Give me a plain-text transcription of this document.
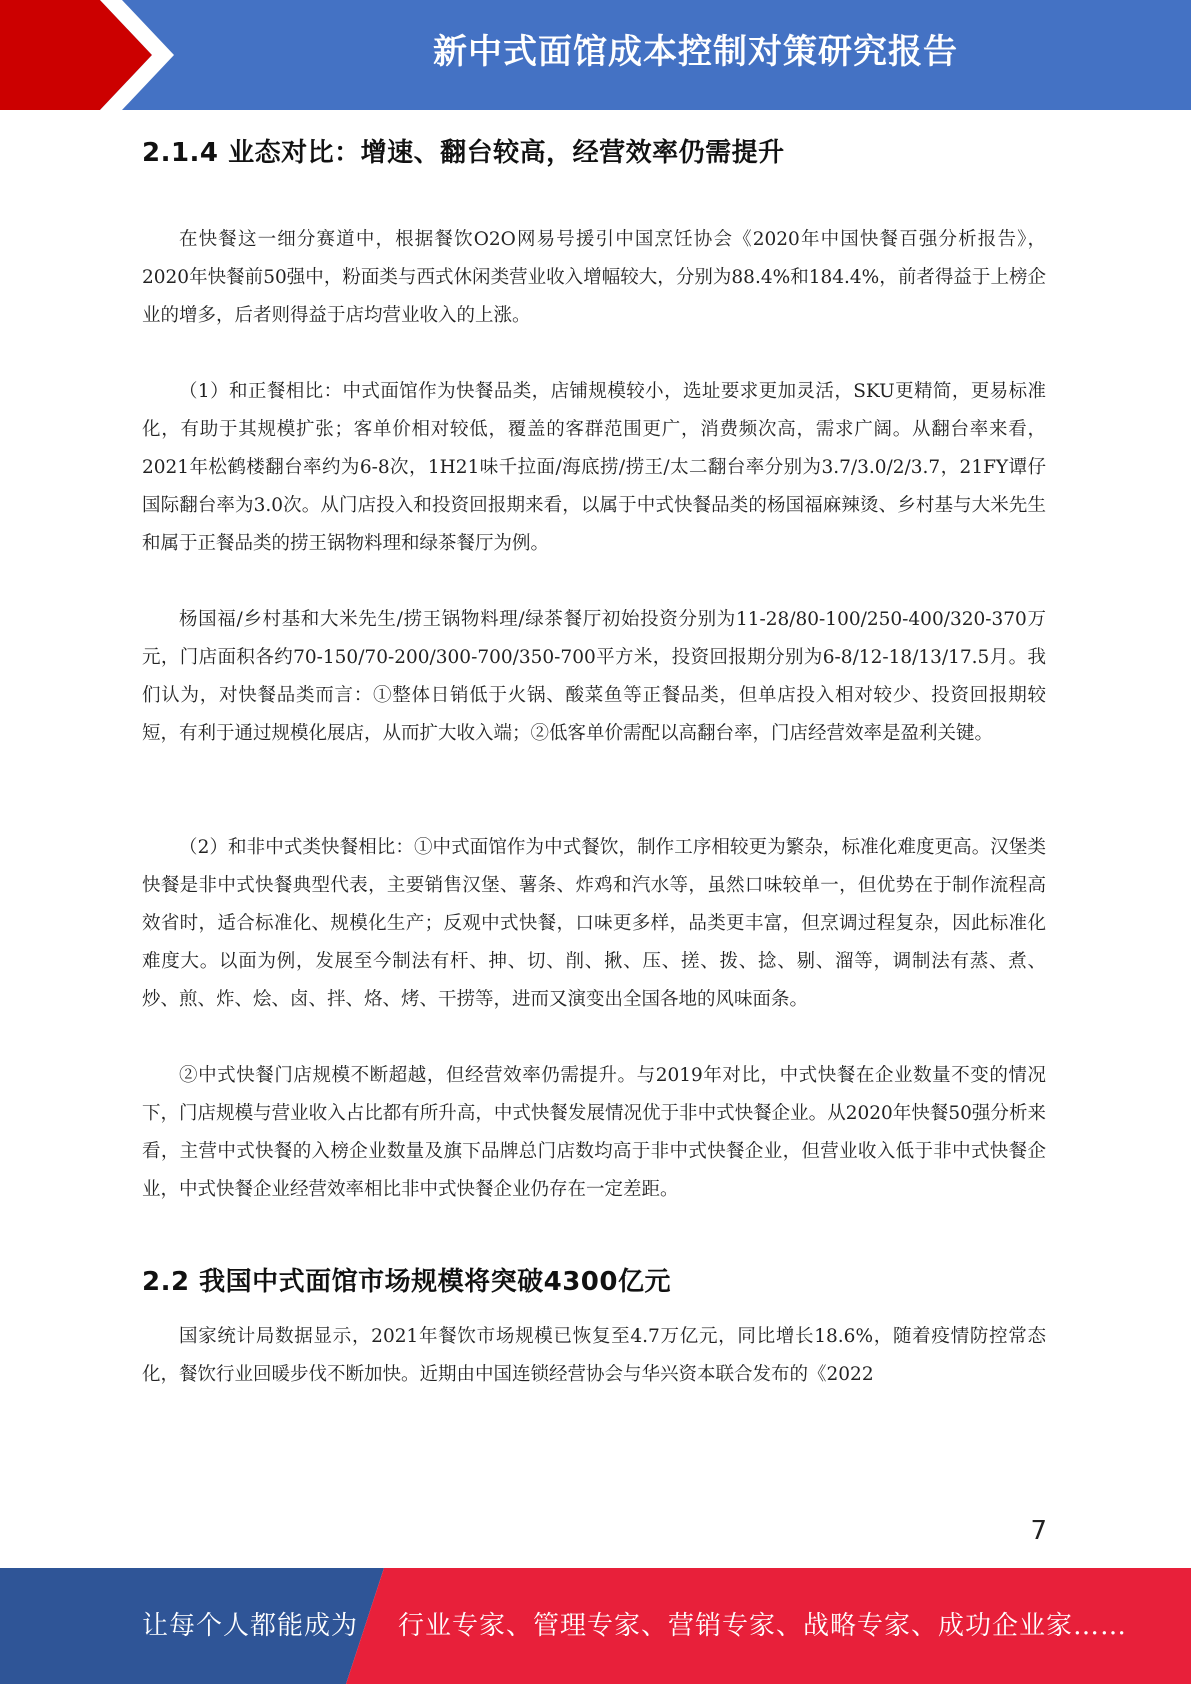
新中式面馆成本控制对策研究报告
2.1.4 业态对比：增速、翻台较高，经营效率仍需提升

在快餐这一细分赛道中，根据餐饮O2O网易号援引中国烹饪协会《2020年中国快餐百强分析报告》，2020年快餐前50强中，粉面类与西式休闲类营业收入增幅较大，分别为88.4%和184.4%，前者得益于上榜企业的增多，后者则得益于店均营业收入的上涨。

（1）和正餐相比：中式面馆作为快餐品类，店铺规模较小，选址要求更加灵活，SKU更精简，更易标准化，有助于其规模扩张；客单价相对较低，覆盖的客群范围更广，消费频次高，需求广阔。从翻台率来看，2021年松鹤楼翻台率约为6-8次，1H21味千拉面/海底捞/捞王/太二翻台率分别为3.7/3.0/2/3.7，21FY谭仔国际翻台率为3.0次。从门店投入和投资回报期来看，以属于中式快餐品类的杨国福麻辣烫、乡村基与大米先生和属于正餐品类的捞王锅物料理和绿茶餐厅为例。

杨国福/乡村基和大米先生/捞王锅物料理/绿茶餐厅初始投资分别为11-28/80-100/250-400/320-370万元，门店面积各约70-150/70-200/300-700/350-700平方米，投资回报期分别为6-8/12-18/13/17.5月。我们认为，对快餐品类而言：①整体日销低于火锅、酸菜鱼等正餐品类，但单店投入相对较少、投资回报期较短，有利于通过规模化展店，从而扩大收入端；②低客单价需配以高翻台率，门店经营效率是盈利关键。

（2）和非中式类快餐相比：①中式面馆作为中式餐饮，制作工序相较更为繁杂，标准化难度更高。汉堡类快餐是非中式快餐典型代表，主要销售汉堡、薯条、炸鸡和汽水等，虽然口味较单一，但优势在于制作流程高效省时，适合标准化、规模化生产；反观中式快餐，口味更多样，品类更丰富，但烹调过程复杂，因此标准化难度大。以面为例，发展至今制法有杆、抻、切、削、揪、压、搓、拨、捻、剔、溜等，调制法有蒸、煮、炒、煎、炸、烩、卤、拌、烙、烤、干捞等，进而又演变出全国各地的风味面条。

②中式快餐门店规模不断超越，但经营效率仍需提升。与2019年对比，中式快餐在企业数量不变的情况下，门店规模与营业收入占比都有所升高，中式快餐发展情况优于非中式快餐企业。从2020年快餐50强分析来看，主营中式快餐的入榜企业数量及旗下品牌总门店数均高于非中式快餐企业，但营业收入低于非中式快餐企业，中式快餐企业经营效率相比非中式快餐企业仍存在一定差距。

2.2 我国中式面馆市场规模将突破4300亿元

国家统计局数据显示，2021年餐饮市场规模已恢复至4.7万亿元，同比增长18.6%，随着疫情防控常态化，餐饮行业回暖步伐不断加快。近期由中国连锁经营协会与华兴资本联合发布的《2022

7
让每个人都能成为 行业专家、管理专家、营销专家、战略专家、成功企业家……
